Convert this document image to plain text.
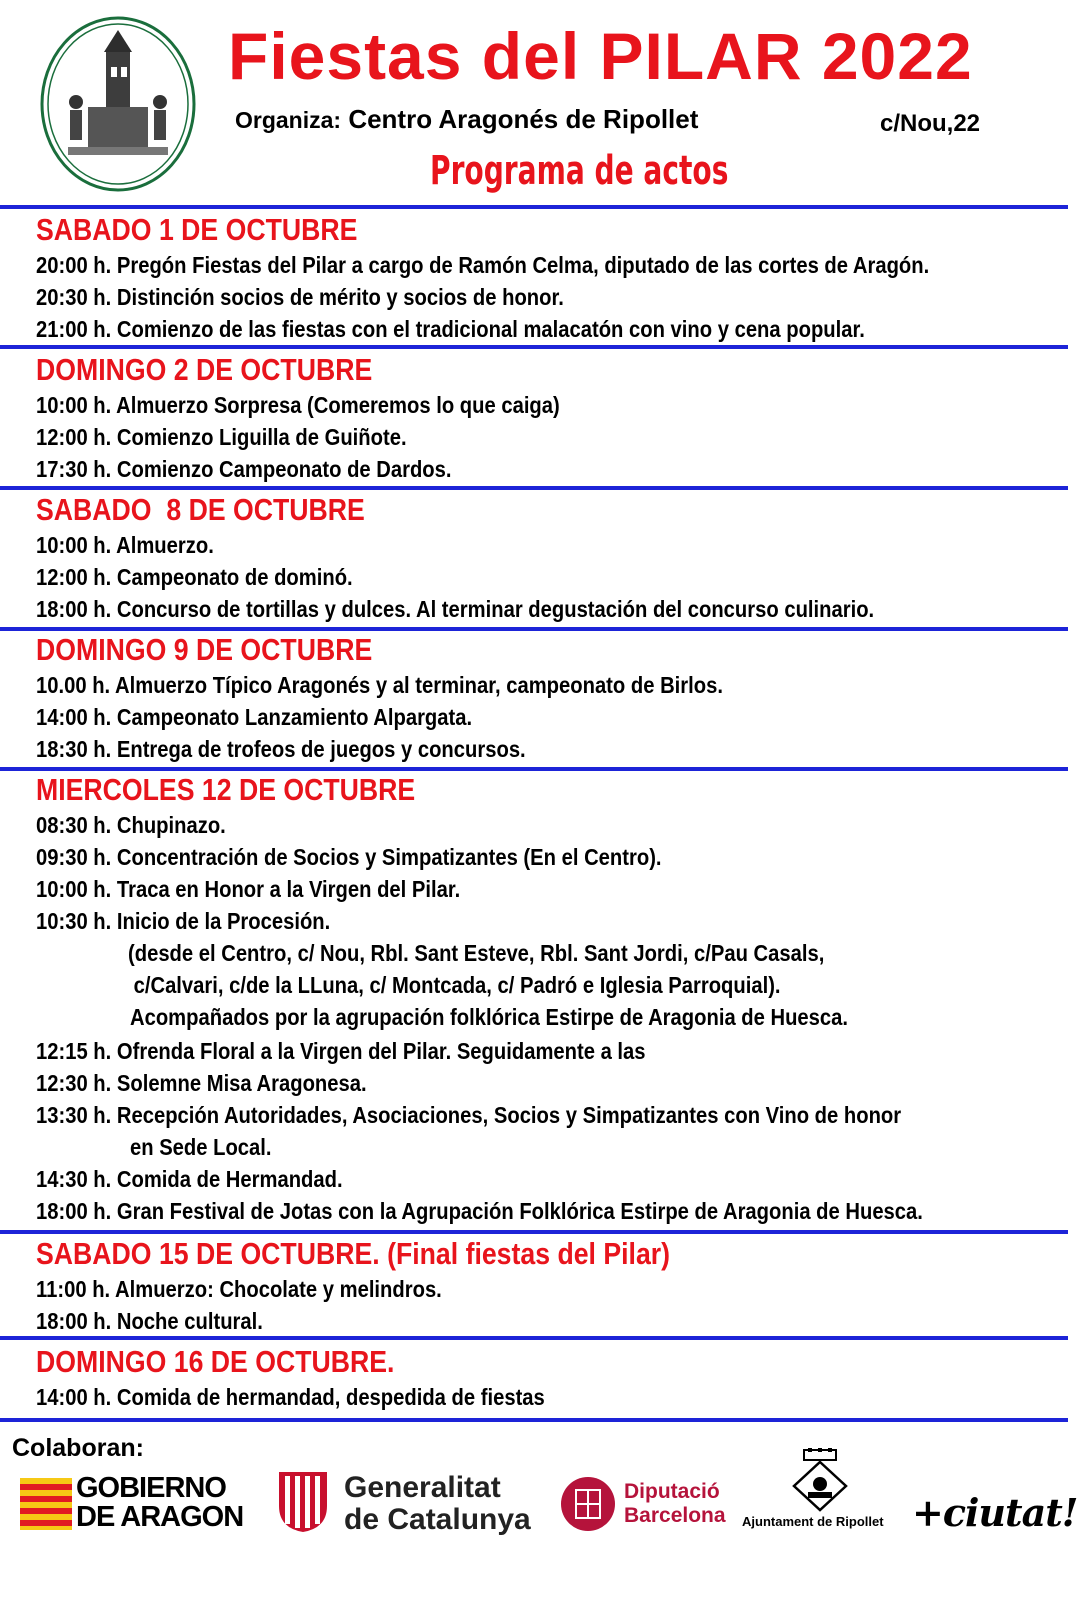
Fiestas del PILAR 2022
Organiza: Centro Aragonés de Ripollet	c/Nou,22
Programa de actos
SABADO 1 DE OCTUBRE
20:00 h. Pregón Fiestas del Pilar a cargo de Ramón Celma, diputado de las cortes de Aragón.
20:30 h. Distinción socios de mérito y socios de honor.
21:00 h. Comienzo de las fiestas con el tradicional malacatón con vino y cena popular.
DOMINGO 2 DE OCTUBRE
10:00 h. Almuerzo Sorpresa (Comeremos lo que caiga)
12:00 h. Comienzo Liguilla de Guiñote.
17:30 h. Comienzo Campeonato de Dardos.
SABADO  8 DE OCTUBRE
10:00 h. Almuerzo.
12:00 h. Campeonato de dominó.
18:00 h. Concurso de tortillas y dulces. Al terminar degustación del concurso culinario.
DOMINGO 9 DE OCTUBRE
10.00 h. Almuerzo Típico Aragonés y al terminar, campeonato de Birlos.
14:00 h. Campeonato Lanzamiento Alpargata.
18:30 h. Entrega de trofeos de juegos y concursos.
MIERCOLES 12 DE OCTUBRE
08:30 h. Chupinazo.
09:30 h. Concentración de Socios y Simpatizantes (En el Centro).
10:00 h. Traca en Honor a la Virgen del Pilar.
10:30 h. Inicio de la Procesión.
(desde el Centro, c/ Nou, Rbl. Sant Esteve, Rbl. Sant Jordi, c/Pau Casals,
c/Calvari, c/de la LLuna, c/ Montcada, c/ Padró e Iglesia Parroquial).
Acompañados por la agrupación folklórica Estirpe de Aragonia de Huesca.
12:15 h. Ofrenda Floral a la Virgen del Pilar. Seguidamente a las
12:30 h. Solemne Misa Aragonesa.
13:30 h. Recepción Autoridades, Asociaciones, Socios y Simpatizantes con Vino de honor
en Sede Local.
14:30 h. Comida de Hermandad.
18:00 h. Gran Festival de Jotas con la Agrupación Folklórica Estirpe de Aragonia de Huesca.
SABADO 15 DE OCTUBRE. (Final fiestas del Pilar)
11:00 h. Almuerzo: Chocolate y melindros.
18:00 h. Noche cultural.
DOMINGO 16 DE OCTUBRE.
14:00 h. Comida de hermandad, despedida de fiestas
Colaboran:
GOBIERNO
DE ARAGON
Generalitat
de Catalunya
Diputació
Barcelona Ajuntament de Ripollet +ciutat!
